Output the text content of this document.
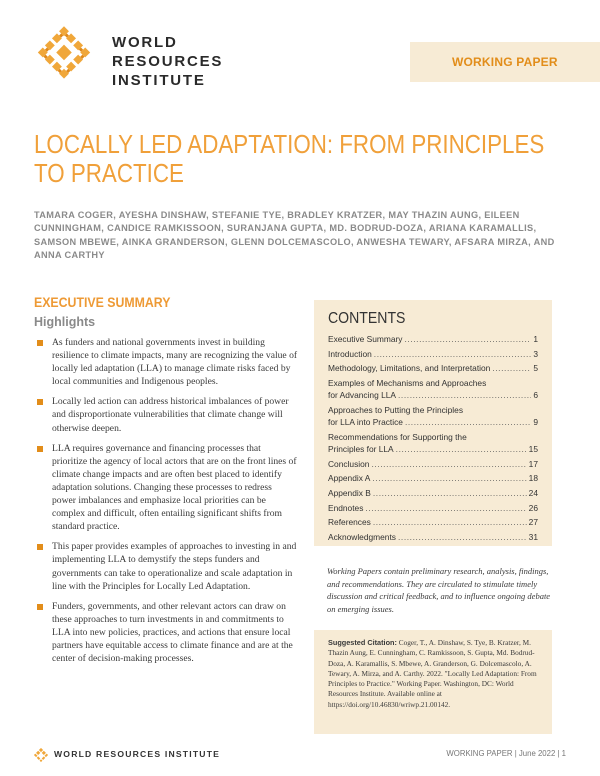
WORLD
RESOURCES
INSTITUTE
WORKING PAPER
LOCALLY LED ADAPTATION: FROM PRINCIPLES
TO PRACTICE
TAMARA COGER, AYESHA DINSHAW, STEFANIE TYE, BRADLEY KRATZER, MAY THAZIN AUNG, EILEEN CUNNINGHAM, CANDICE RAMKISSOON, SURANJANA GUPTA, MD. BODRUD-DOZA, ARIANA KARAMALLIS, SAMSON MBEWE, AINKA GRANDERSON, GLENN DOLCEMASCOLO, ANWESHA TEWARY, AFSARA MIRZA, AND ANNA CARTHY
EXECUTIVE SUMMARY
Highlights
As funders and national governments invest in building resilience to climate impacts, many are recognizing the value of locally led adaptation (LLA) to manage climate risks faced by local communities and Indigenous peoples.
Locally led action can address historical imbalances of power and disproportionate vulnerabilities that climate change will otherwise deepen.
LLA requires governance and financing processes that prioritize the agency of local actors that are on the front lines of climate change impacts and are often best placed to identify adaptation solutions. Changing these processes to redress power imbalances and emphasize local priorities can be complex and difficult, often entailing significant shifts from standard practice.
This paper provides examples of approaches to investing in and implementing LLA to demystify the steps funders and governments can take to operationalize and scale adaptation in line with the Principles for Locally Led Adaptation.
Funders, governments, and other relevant actors can draw on these approaches to turn investments in and commitments to LLA into new policies, practices, and actions that ensure local partners have equitable access to climate finance and are at the center of decision-making processes.
CONTENTS
Executive Summary .....	1
Introduction .....	3
Methodology, Limitations, and Interpretation .....	5
Examples of Mechanisms and Approaches
for Advancing LLA .....	6
Approaches to Putting the Principles
for LLA into Practice .....	9
Recommendations for Supporting the
Principles for LLA .....	15
Conclusion .....	17
Appendix A .....	18
Appendix B .....	24
Endnotes .....	26
References .....	27
Acknowledgments .....	31
Working Papers contain preliminary research, analysis, findings, and recommendations. They are circulated to stimulate timely discussion and critical feedback, and to influence ongoing debate on emerging issues.
Suggested Citation: Coger, T., A. Dinshaw, S. Tye, B. Kratzer, M. Thazin Aung, E. Cunningham, C. Ramkissoon, S. Gupta, Md. Bodrud-Doza, A. Karamallis, S. Mbewe, A. Granderson, G. Dolcemascolo, A. Tewary, A. Mirza, and A. Carthy. 2022. "Locally Led Adaptation: From Principles to Practice." Working Paper. Washington, DC: World Resources Institute. Available online at https://doi.org/10.46830/wriwp.21.00142.
WORLD RESOURCES INSTITUTE	WORKING PAPER | June 2022 | 1
